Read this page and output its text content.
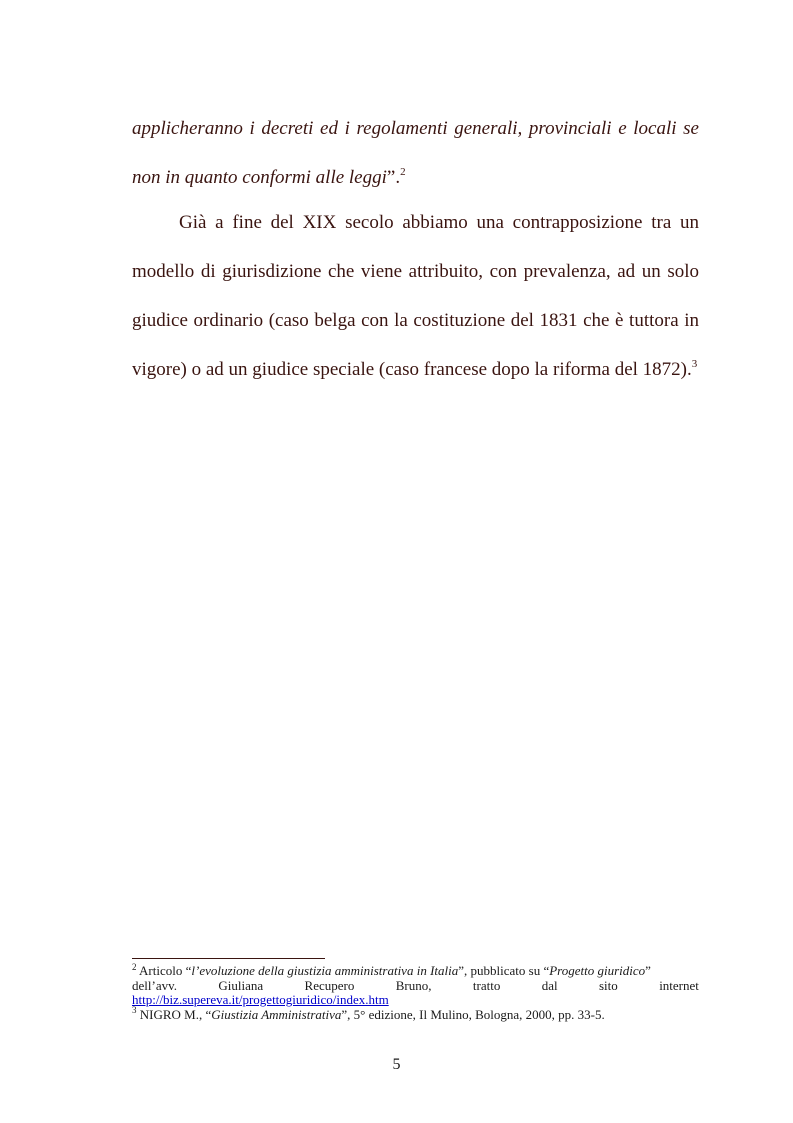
applicheranno i decreti ed i regolamenti generali, provinciali e locali se non in quanto conformi alle leggi”.$^2$

Già a fine del XIX secolo abbiamo una contrapposizione tra un modello di giurisdizione che viene attribuito, con prevalenza, ad un solo giudice ordinario (caso belga con la costituzione del 1831 che è tuttora in vigore) o ad un giudice speciale (caso francese dopo la riforma del 1872).$^3$

$^2$ Articolo “l’evoluzione della giustizia amministrativa in Italia”, pubblicato su “Progetto giuridico”

dell’avv.	Giuliana	Recupero	Bruno,	tratto	dal	sito	internet

http://biz.supereva.it/progettogiuridico/index.htm

$^3$ NIGRO M., “Giustizia Amministrativa”, 5° edizione, Il Mulino, Bologna, 2000, pp. 33-5.

5
